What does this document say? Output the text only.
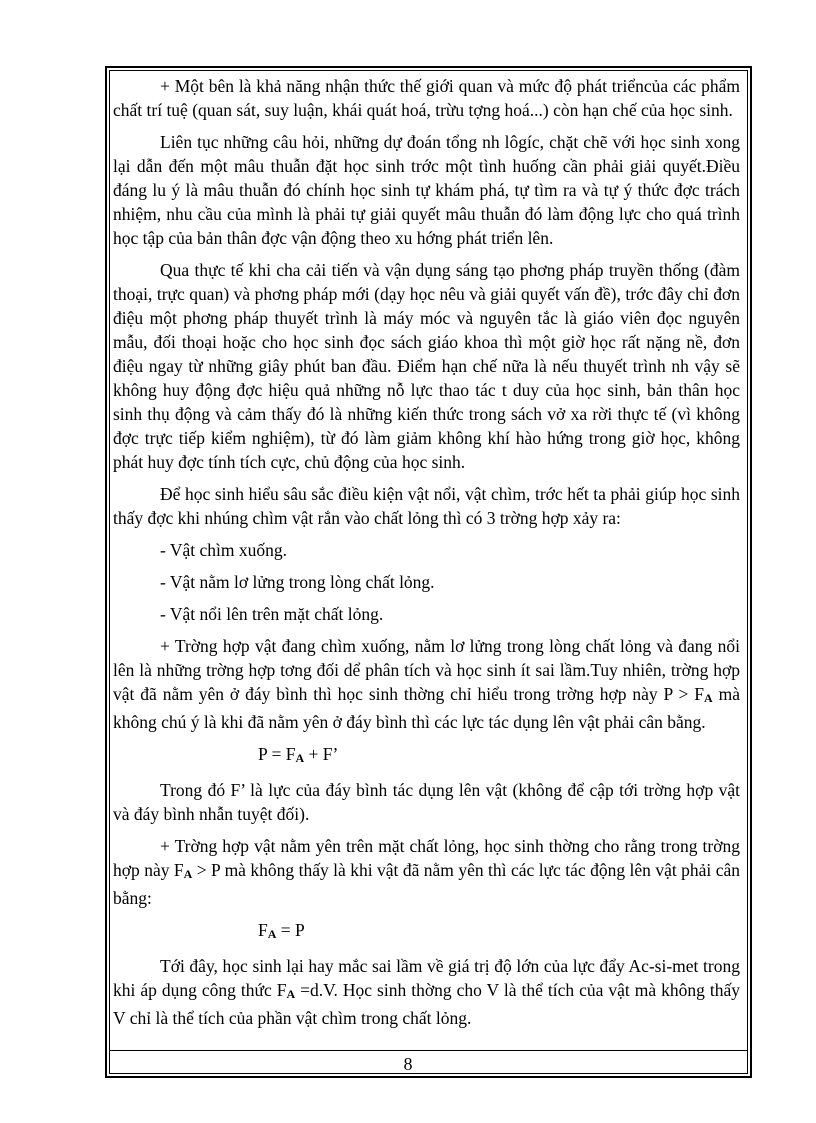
+ Một bên là khả năng nhận thức thế giới quan và mức độ phát triểncủa các phẩm chất trí tuệ (quan sát, suy luận, khái quát hoá, trừu tợng hoá...) còn hạn chế của học sinh.

Liên tục những câu hỏi, những dự đoán tổng nh lôgíc, chặt chẽ với học sinh xong lại dẫn đến một mâu thuẫn đặt học sinh trớc một tình huống cần phải giải quyết.Điều đáng lu ý là mâu thuẫn đó chính học sinh tự khám phá, tự tìm ra và tự ý thức đợc trách nhiệm, nhu cầu của mình là phải tự giải quyết mâu thuẫn đó làm động lực cho quá trình học tập của bản thân đợc vận động theo xu hớng phát triển lên.

Qua thực tế khi cha cải tiến và vận dụng sáng tạo phơng pháp truyền thống (đàm thoại, trực quan) và phơng pháp mới (dạy học nêu và giải quyết vấn đề), trớc đây chỉ đơn điệu một phơng pháp thuyết trình là máy móc và nguyên tắc là giáo viên đọc nguyên mẫu, đối thoại hoặc cho học sinh đọc sách giáo khoa thì một giờ học rất nặng nề, đơn điệu ngay từ những giây phút ban đầu. Điểm hạn chế nữa là nếu thuyết trình nh vậy sẽ không huy động đợc hiệu quả những nỗ lực thao tác t duy của học sinh, bản thân học sinh thụ động và cảm thấy đó là những kiến thức trong sách vở xa rời thực tế (vì không đợc trực tiếp kiểm nghiệm), từ đó làm giảm không khí hào hứng trong giờ học, không phát huy đợc tính tích cực, chủ động của học sinh.

Để học sinh hiểu sâu sắc điều kiện vật nổi, vật chìm, trớc hết ta phải giúp học sinh thấy đợc khi nhúng chìm vật rắn vào chất lỏng thì có 3 trờng hợp xảy ra:

- Vật chìm xuống.

- Vật nằm lơ lửng trong lòng chất lỏng.

- Vật nổi lên trên mặt chất lỏng.

+ Trờng hợp vật đang chìm xuống, nằm lơ lửng trong lòng chất lỏng và đang nổi lên là những trờng hợp tơng đối dể phân tích và học sinh ít sai lầm.Tuy nhiên, trờng hợp vật đã nằm yên ở đáy bình thì học sinh thờng chỉ hiểu trong trờng hợp này $P > F_A$ mà không chú ý là khi đã nằm yên ở đáy bình thì các lực tác dụng lên vật phải cân bằng.

$P = F_A + F$’

Trong đó F’ là lực của đáy bình tác dụng lên vật (không để cập tới trờng hợp vật và đáy bình nhẫn tuyệt đối).

+ Trờng hợp vật nằm yên trên mặt chất lỏng, học sinh thờng cho rằng trong trờng hợp này $F_A > P$ mà không thấy là khi vật đã nằm yên thì các lực tác động lên vật phải cân bằng:

$F_A = P$

Tới đây, học sinh lại hay mắc sai lầm về giá trị độ lớn của lực đẩy Ac-si-met trong khi áp dụng công thức $F_A =d.V$. Học sinh thờng cho V là thể tích của vật mà không thấy V chỉ là thể tích của phần vật chìm trong chất lỏng.

8
